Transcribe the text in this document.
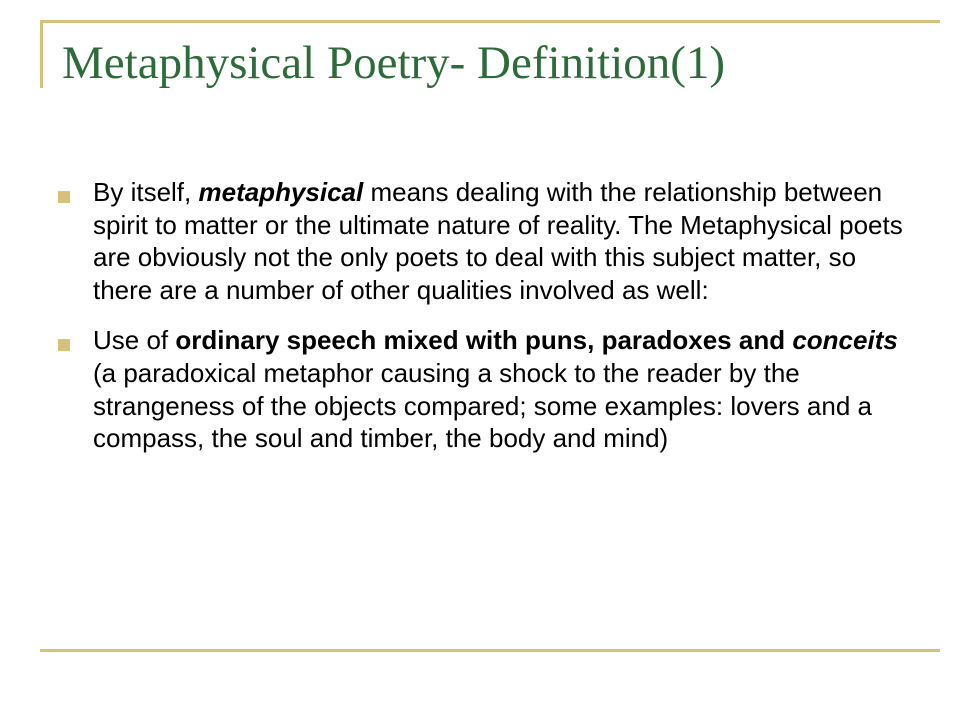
Metaphysical Poetry- Definition(1)
By itself, metaphysical means dealing with the relationship between spirit to matter or the ultimate nature of reality. The Metaphysical poets are obviously not the only poets to deal with this subject matter, so there are a number of other qualities involved as well:
Use of ordinary speech mixed with puns, paradoxes and conceits (a paradoxical metaphor causing a shock to the reader by the strangeness of the objects compared; some examples: lovers and a compass, the soul and timber, the body and mind)
